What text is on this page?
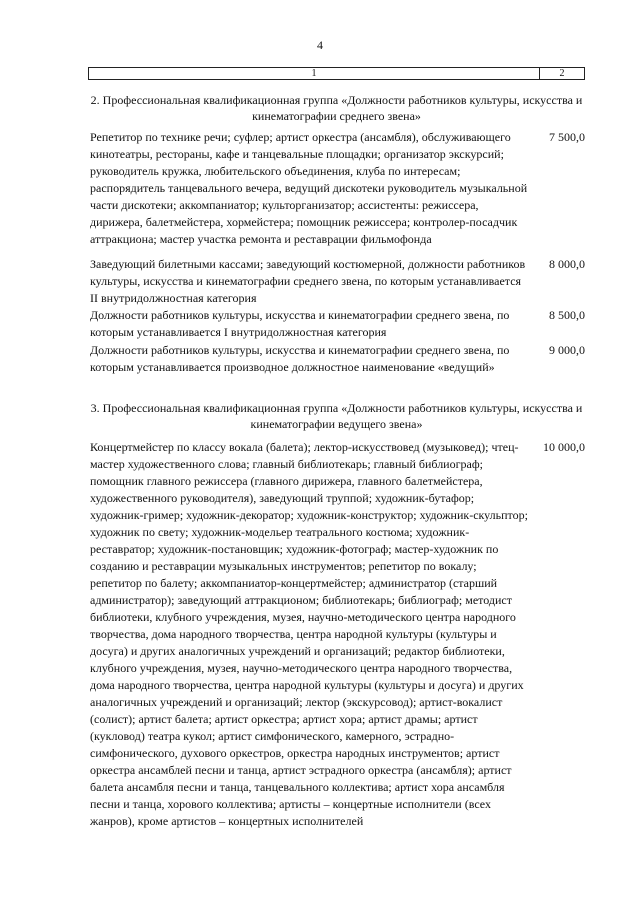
4
1	2
2. Профессиональная квалификационная группа «Должности работников культуры, искусства и кинематографии среднего звена»
Репетитор по технике речи; суфлер; артист оркестра (ансамбля), обслуживающего кинотеатры, рестораны, кафе и танцевальные площадки; организатор экскурсий; руководитель кружка, любительского объединения, клуба по интересам; распорядитель танцевального вечера, ведущий дискотеки руководитель музыкальной части дискотеки; аккомпаниатор; культорганизатор; ассистенты: режиссера, дирижера, балетмейстера, хормейстера; помощник режиссера; контролер-посадчик аттракциона; мастер участка ремонта и реставрации фильмофонда
7 500,0
Заведующий билетными кассами; заведующий костюмерной, должности работников культуры, искусства и кинематографии среднего звена, по которым устанавливается II внутридолжностная категория
8 000,0
Должности работников культуры, искусства и кинематографии среднего звена, по которым устанавливается I внутридолжностная категория
8 500,0
Должности работников культуры, искусства и кинематографии среднего звена, по которым устанавливается производное должностное наименование «ведущий»
9 000,0
3. Профессиональная квалификационная группа «Должности работников культуры, искусства и кинематографии ведущего звена»
Концертмейстер по классу вокала (балета); лектор-искусствовед (музыковед); чтец-мастер художественного слова; главный библиотекарь; главный библиограф; помощник главного режиссера (главного дирижера, главного балетмейстера, художественного руководителя), заведующий труппой; художник-бутафор; художник-гример; художник-декоратор; художник-конструктор; художник-скульптор; художник по свету; художник-модельер театрального костюма; художник-реставратор; художник-постановщик; художник-фотограф; мастер-художник по созданию и реставрации музыкальных инструментов; репетитор по вокалу; репетитор по балету; аккомпаниатор-концертмейстер; администратор (старший администратор); заведующий аттракционом; библиотекарь; библиограф; методист библиотеки, клубного учреждения, музея, научно-методического центра народного творчества, дома народного творчества, центра народной культуры (культуры и досуга) и других аналогичных учреждений и организаций; редактор библиотеки, клубного учреждения, музея, научно-методического центра народного творчества, дома народного творчества, центра народной культуры (культуры и досуга) и других аналогичных учреждений и организаций; лектор (экскурсовод); артист-вокалист (солист); артист балета; артист оркестра; артист хора; артист драмы; артист (кукловод) театра кукол; артист симфонического, камерного, эстрадно-симфонического, духового оркестров, оркестра народных инструментов; артист оркестра ансамблей песни и танца, артист эстрадного оркестра (ансамбля); артист балета ансамбля песни и танца, танцевального коллектива; артист хора ансамбля песни и танца, хорового коллектива; артисты – концертные исполнители (всех жанров), кроме артистов – концертных исполнителей
10 000,0
